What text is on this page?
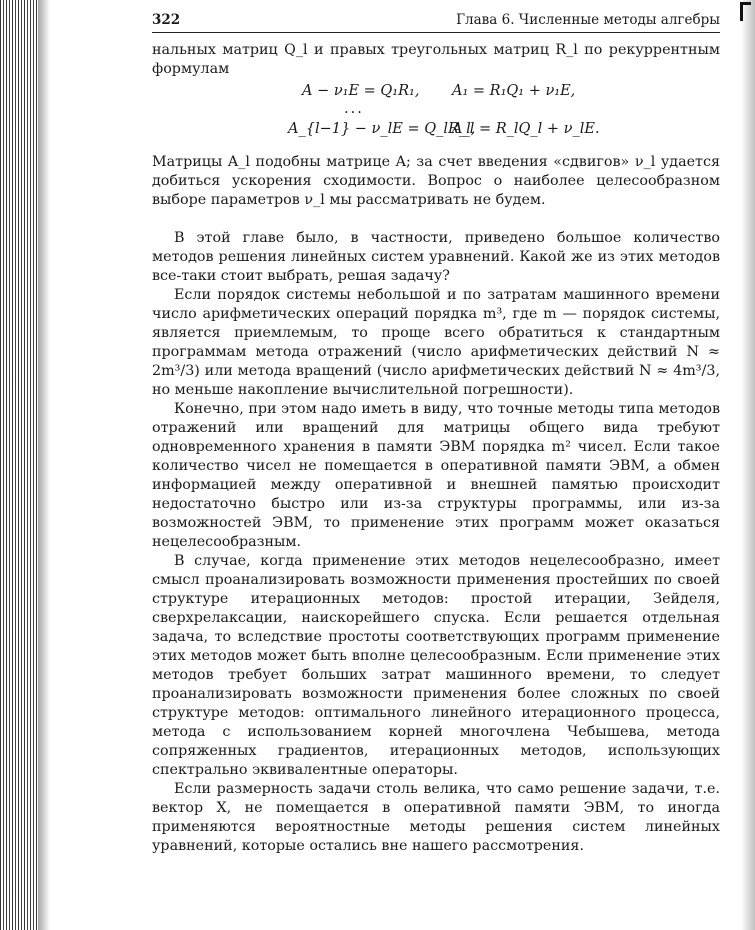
322	Глава 6. Численные методы алгебры

нальных матриц Q_l и правых треугольных матриц R_l по рекуррентным формулам

A − ν₁E = Q₁R₁, A₁ = R₁Q₁ + ν₁E,
...
A_{l−1} − ν_lE = Q_lR_l,
A_l = R_lQ_l + ν_lE.

Матрицы A_l подобны матрице A; за счет введения «сдвигов» ν_l удается добиться ускорения сходимости. Вопрос о наиболее целесообразном выборе параметров ν_l мы рассматривать не будем.

В этой главе было, в частности, приведено большое количество методов решения линейных систем уравнений. Какой же из этих методов все-таки стоит выбрать, решая задачу?

Если порядок системы небольшой и по затратам машинного времени число арифметических операций порядка m³, где m — порядок системы, является приемлемым, то проще всего обратиться к стандартным программам метода отражений (число арифметических действий N ≈ 2m³/3) или метода вращений (число арифметических действий N ≈ 4m³/3, но меньше накопление вычислительной погрешности).

Конечно, при этом надо иметь в виду, что точные методы типа методов отражений или вращений для матрицы общего вида требуют одновременного хранения в памяти ЭВМ порядка m² чисел. Если такое количество чисел не помещается в оперативной памяти ЭВМ, а обмен информацией между оперативной и внешней памятью происходит недостаточно быстро или из-за структуры программы, или из-за возможностей ЭВМ, то применение этих программ может оказаться нецелесообразным.

В случае, когда применение этих методов нецелесообразно, имеет смысл проанализировать возможности применения простейших по своей структуре итерационных методов: простой итерации, Зейделя, сверхрелаксации, наискорейшего спуска. Если решается отдельная задача, то вследствие простоты соответствующих программ применение этих методов может быть вполне целесообразным. Если применение этих методов требует больших затрат машинного времени, то следует проанализировать возможности применения более сложных по своей структуре методов: оптимального линейного итерационного процесса, метода с использованием корней многочлена Чебышева, метода сопряженных градиентов, итерационных методов, использующих спектрально эквивалентные операторы.

Если размерность задачи столь велика, что само решение задачи, т.е. вектор X, не помещается в оперативной памяти ЭВМ, то иногда применяются вероятностные методы решения систем линейных уравнений, которые остались вне нашего рассмотрения.
